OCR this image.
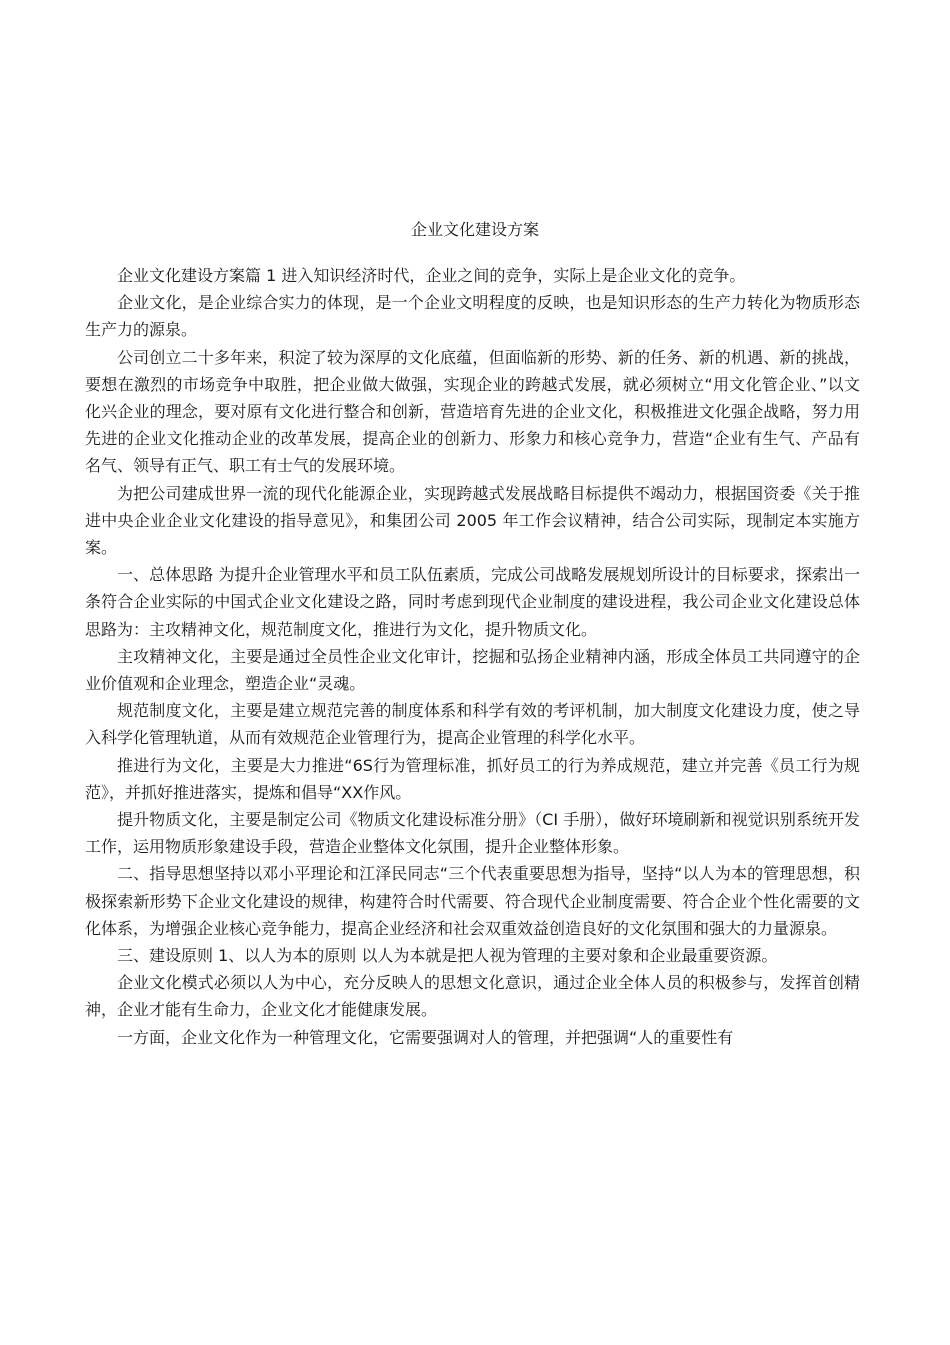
企业文化建设方案

企业文化建设方案篇 1 进入知识经济时代，企业之间的竞争，实际上是企业文化的竞争。

企业文化，是企业综合实力的体现，是一个企业文明程度的反映，也是知识形态的生产力转化为物质形态生产力的源泉。

公司创立二十多年来，积淀了较为深厚的文化底蕴，但面临新的形势、新的任务、新的机遇、新的挑战，要想在激烈的市场竞争中取胜，把企业做大做强，实现企业的跨越式发展，就必须树立“用文化管企业、”以文化兴企业的理念，要对原有文化进行整合和创新，营造培育先进的企业文化，积极推进文化强企战略，努力用先进的企业文化推动企业的改革发展，提高企业的创新力、形象力和核心竞争力，营造“企业有生气、产品有名气、领导有正气、职工有士气的发展环境。

为把公司建成世界一流的现代化能源企业，实现跨越式发展战略目标提供不竭动力，根据国资委《关于推进中央企业企业文化建设的指导意见》，和集团公司 2005 年工作会议精神，结合公司实际，现制定本实施方案。

一、总体思路 为提升企业管理水平和员工队伍素质，完成公司战略发展规划所设计的目标要求，探索出一条符合企业实际的中国式企业文化建设之路，同时考虑到现代企业制度的建设进程，我公司企业文化建设总体思路为：主攻精神文化，规范制度文化，推进行为文化，提升物质文化。

主攻精神文化，主要是通过全员性企业文化审计，挖掘和弘扬企业精神内涵，形成全体员工共同遵守的企业价值观和企业理念，塑造企业“灵魂。

规范制度文化，主要是建立规范完善的制度体系和科学有效的考评机制，加大制度文化建设力度，使之导入科学化管理轨道，从而有效规范企业管理行为，提高企业管理的科学化水平。

推进行为文化，主要是大力推进“6S行为管理标准，抓好员工的行为养成规范，建立并完善《员工行为规范》，并抓好推进落实，提炼和倡导“XX作风。

提升物质文化，主要是制定公司《物质文化建设标准分册》（CI 手册），做好环境刷新和视觉识别系统开发工作，运用物质形象建设手段，营造企业整体文化氛围，提升企业整体形象。

二、指导思想坚持以邓小平理论和江泽民同志“三个代表重要思想为指导，坚持“以人为本的管理思想，积极探索新形势下企业文化建设的规律，构建符合时代需要、符合现代企业制度需要、符合企业个性化需要的文化体系，为增强企业核心竞争能力，提高企业经济和社会双重效益创造良好的文化氛围和强大的力量源泉。

三、建设原则 1、以人为本的原则 以人为本就是把人视为管理的主要对象和企业最重要资源。

企业文化模式必须以人为中心，充分反映人的思想文化意识，通过企业全体人员的积极参与，发挥首创精神，企业才能有生命力，企业文化才能健康发展。

一方面，企业文化作为一种管理文化，它需要强调对人的管理，并把强调“人的重要性有
